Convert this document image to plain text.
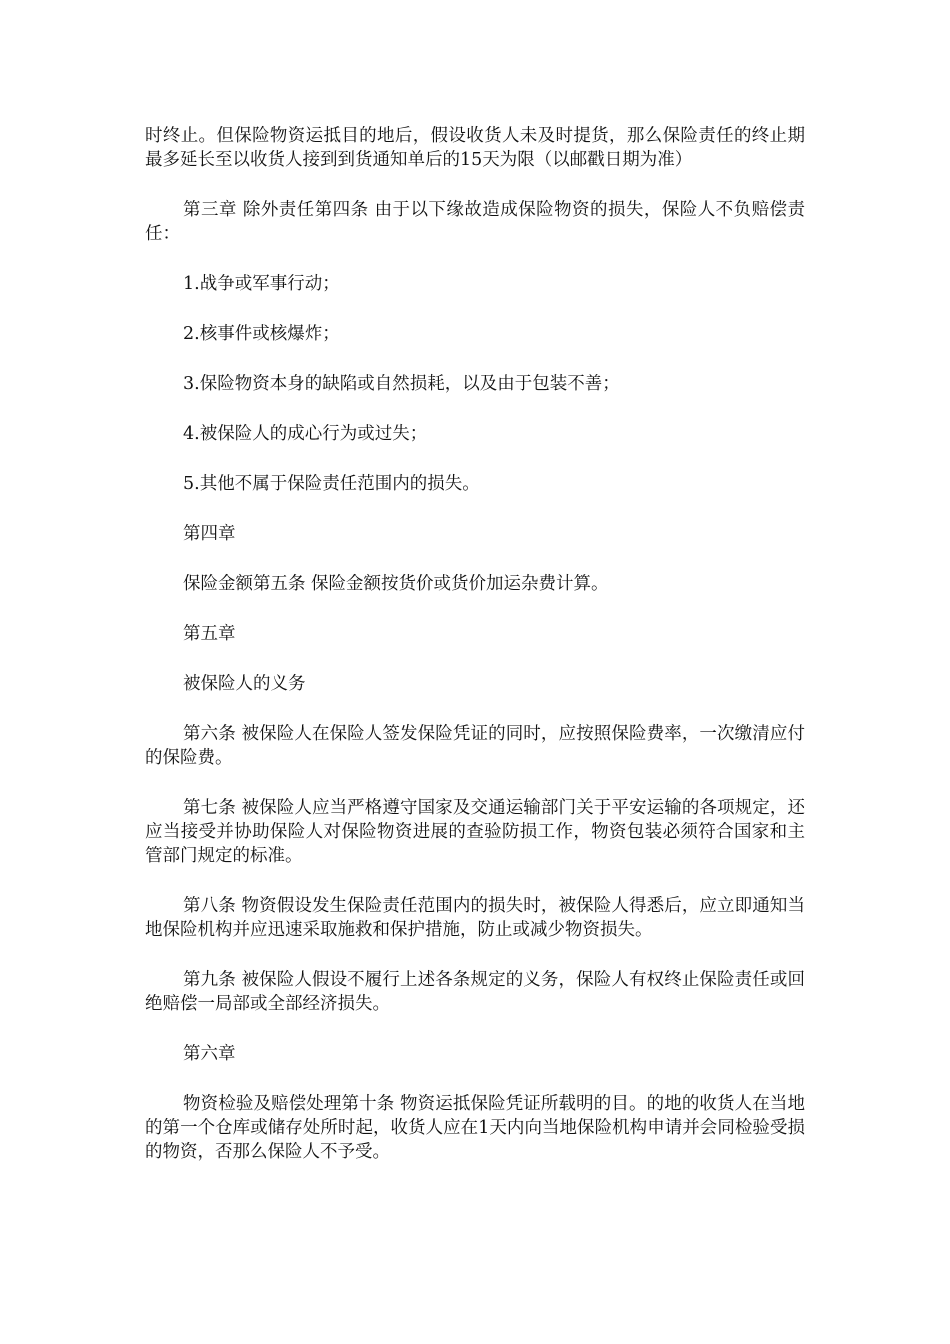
时终止。但保险物资运抵目的地后，假设收货人未及时提货，那么保险责任的终止期最多延长至以收货人接到到货通知单后的15天为限（以邮戳日期为准）

第三章 除外责任第四条 由于以下缘故造成保险物资的损失，保险人不负赔偿责任：

1.战争或军事行动；

2.核事件或核爆炸；

3.保险物资本身的缺陷或自然损耗，以及由于包装不善；

4.被保险人的成心行为或过失；

5.其他不属于保险责任范围内的损失。

第四章

保险金额第五条 保险金额按货价或货价加运杂费计算。

第五章

被保险人的义务

第六条 被保险人在保险人签发保险凭证的同时，应按照保险费率，一次缴清应付的保险费。

第七条 被保险人应当严格遵守国家及交通运输部门关于平安运输的各项规定，还应当接受并协助保险人对保险物资进展的查验防损工作，物资包装必须符合国家和主管部门规定的标准。

第八条 物资假设发生保险责任范围内的损失时，被保险人得悉后，应立即通知当地保险机构并应迅速采取施救和保护措施，防止或减少物资损失。

第九条 被保险人假设不履行上述各条规定的义务，保险人有权终止保险责任或回绝赔偿一局部或全部经济损失。

第六章

物资检验及赔偿处理第十条 物资运抵保险凭证所载明的目。的地的收货人在当地的第一个仓库或储存处所时起，收货人应在1天内向当地保险机构申请并会同检验受损的物资，否那么保险人不予受。
